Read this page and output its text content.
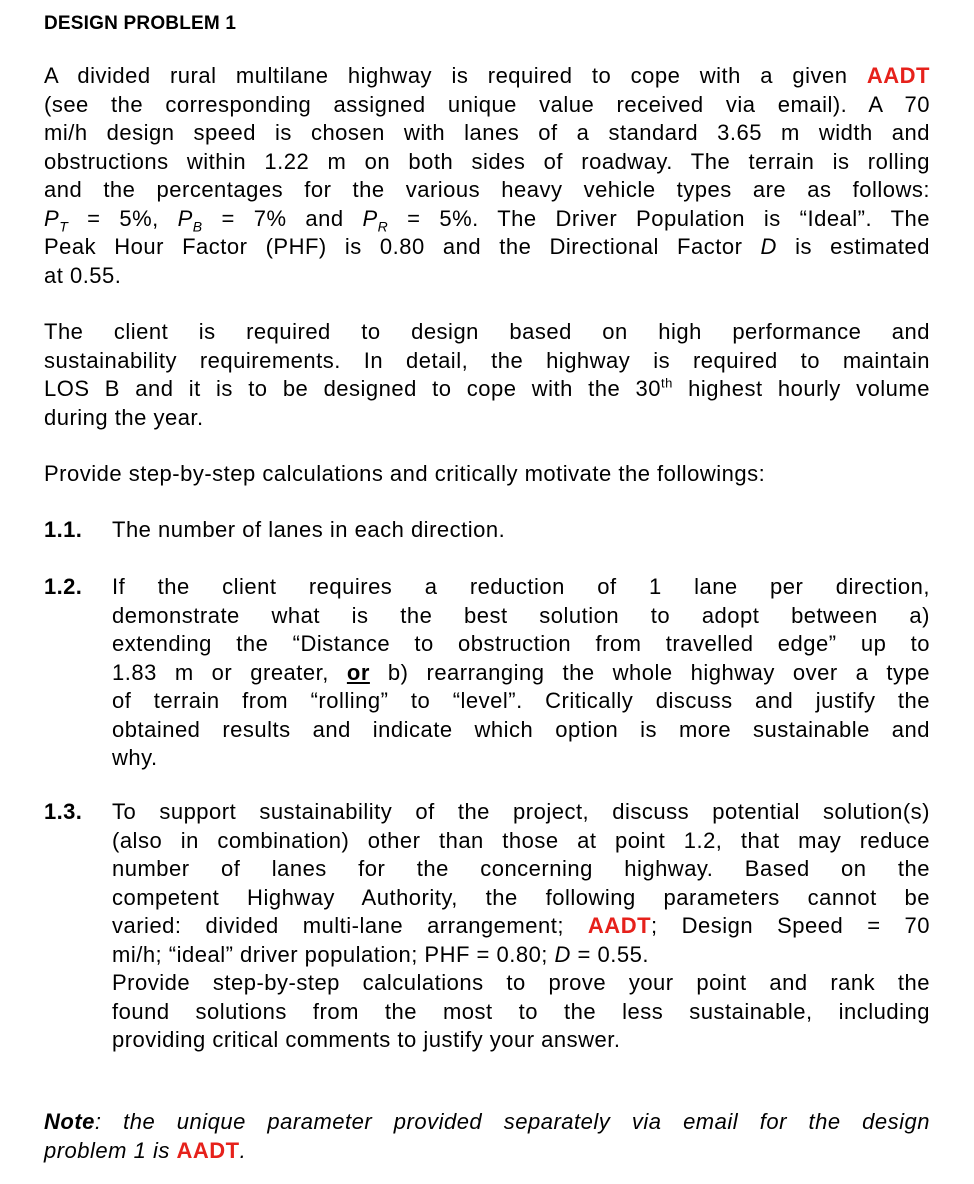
DESIGN PROBLEM 1
A divided rural multilane highway is required to cope with a given AADT
(see the corresponding assigned unique value received via email). A 70
mi/h design speed is chosen with lanes of a standard 3.65 m width and
obstructions within 1.22 m on both sides of roadway. The terrain is rolling
and the percentages for the various heavy vehicle types are as follows:
$P_T = 5\%$, $P_B = 7\%$ and $P_R = 5\%$. The Driver Population is “Ideal”. The
Peak Hour Factor (PHF) is 0.80 and the Directional Factor D is estimated
at 0.55.
The client is required to design based on high performance and
sustainability requirements. In detail, the highway is required to maintain
LOS B and it is to be designed to cope with the 30th highest hourly volume
during the year.
Provide step-by-step calculations and critically motivate the followings:
1.1. The number of lanes in each direction.
1.2. If the client requires a reduction of 1 lane per direction,
demonstrate what is the best solution to adopt between a)
extending the “Distance to obstruction from travelled edge” up to
1.83 m or greater, or b) rearranging the whole highway over a type
of terrain from “rolling” to “level”. Critically discuss and justify the
obtained results and indicate which option is more sustainable and
why.
1.3. To support sustainability of the project, discuss potential solution(s)
(also in combination) other than those at point 1.2, that may reduce
number of lanes for the concerning highway. Based on the
competent Highway Authority, the following parameters cannot be
varied: divided multi-lane arrangement; AADT; Design Speed = 70
mi/h; “ideal” driver population; PHF = 0.80; D = 0.55.
Provide step-by-step calculations to prove your point and rank the
found solutions from the most to the less sustainable, including
providing critical comments to justify your answer.
Note: the unique parameter provided separately via email for the design
problem 1 is AADT.
